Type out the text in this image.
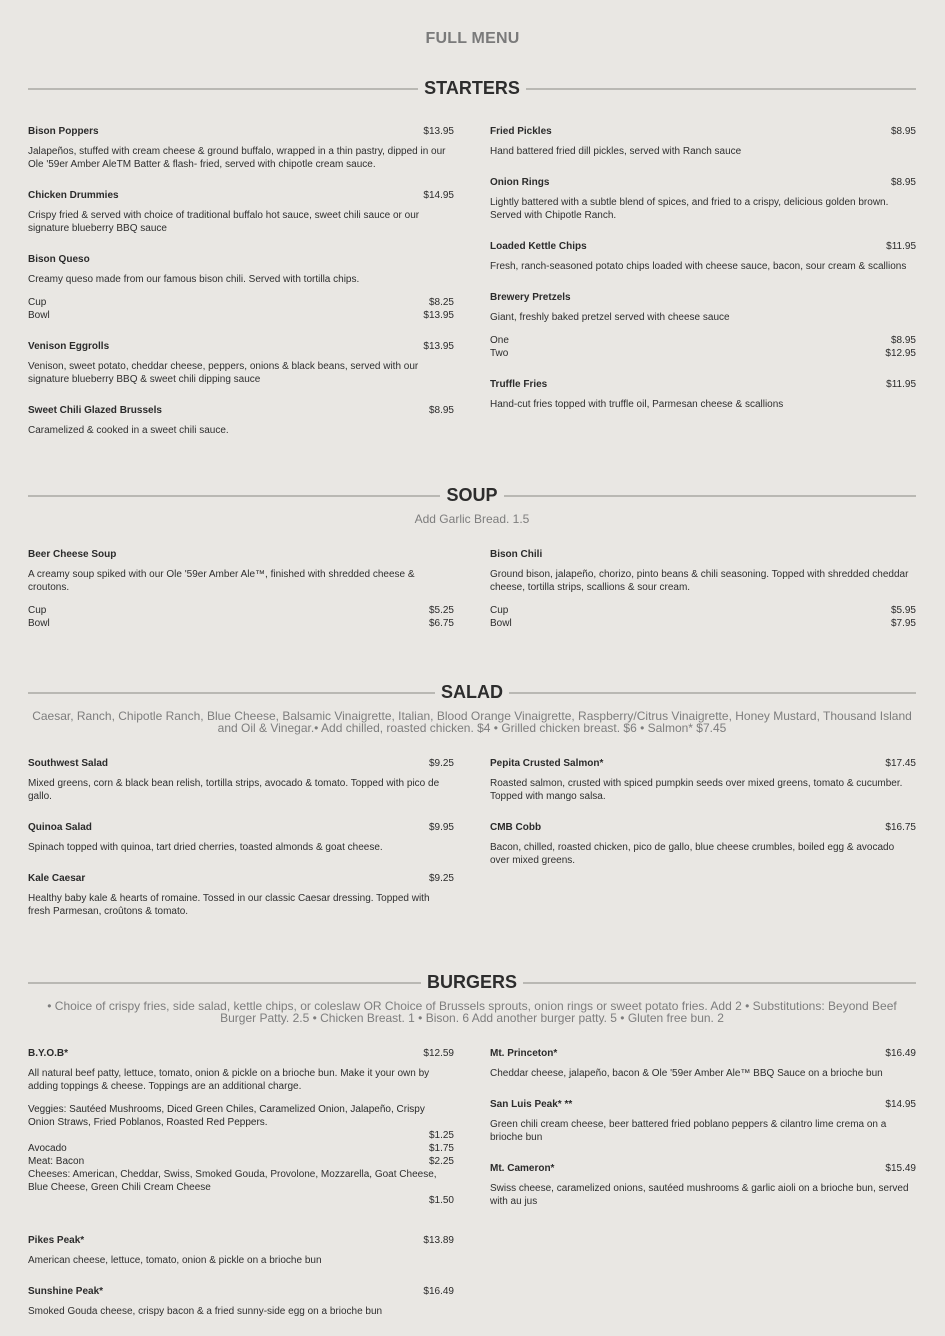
FULL MENU
STARTERS
Bison Poppers	$13.95
Jalapeños, stuffed with cream cheese & ground buffalo, wrapped in a thin pastry, dipped in our Ole '59er Amber AleTM Batter & flash- fried, served with chipotle cream sauce.
Chicken Drummies	$14.95
Crispy fried & served with choice of traditional buffalo hot sauce, sweet chili sauce or our signature blueberry BBQ sauce
Bison Queso
Creamy queso made from our famous bison chili. Served with tortilla chips.
Cup	$8.25
Bowl	$13.95
Venison Eggrolls	$13.95
Venison, sweet potato, cheddar cheese, peppers, onions & black beans, served with our signature blueberry BBQ & sweet chili dipping sauce
Sweet Chili Glazed Brussels	$8.95
Caramelized & cooked in a sweet chili sauce.
Fried Pickles	$8.95
Hand battered fried dill pickles, served with Ranch sauce
Onion Rings	$8.95
Lightly battered with a subtle blend of spices, and fried to a crispy, delicious golden brown. Served with Chipotle Ranch.
Loaded Kettle Chips	$11.95
Fresh, ranch-seasoned potato chips loaded with cheese sauce, bacon, sour cream & scallions
Brewery Pretzels
Giant, freshly baked pretzel served with cheese sauce
One	$8.95
Two	$12.95
Truffle Fries	$11.95
Hand-cut fries topped with truffle oil, Parmesan cheese & scallions
SOUP
Add Garlic Bread. 1.5
Beer Cheese Soup
A creamy soup spiked with our Ole '59er Amber Ale™, finished with shredded cheese & croutons.
Cup	$5.25
Bowl	$6.75
Bison Chili
Ground bison, jalapeño, chorizo, pinto beans & chili seasoning. Topped with shredded cheddar cheese, tortilla strips, scallions & sour cream.
Cup	$5.95
Bowl	$7.95
SALAD
Caesar, Ranch, Chipotle Ranch, Blue Cheese, Balsamic Vinaigrette, Italian, Blood Orange Vinaigrette, Raspberry/Citrus Vinaigrette, Honey Mustard, Thousand Island and Oil & Vinegar.• Add chilled, roasted chicken. $4 • Grilled chicken breast. $6 • Salmon* $7.45
Southwest Salad	$9.25
Mixed greens, corn & black bean relish, tortilla strips, avocado & tomato. Topped with pico de gallo.
Quinoa Salad	$9.95
Spinach topped with quinoa, tart dried cherries, toasted almonds & goat cheese.
Kale Caesar	$9.25
Healthy baby kale & hearts of romaine. Tossed in our classic Caesar dressing. Topped with fresh Parmesan, croûtons & tomato.
Pepita Crusted Salmon*	$17.45
Roasted salmon, crusted with spiced pumpkin seeds over mixed greens, tomato & cucumber. Topped with mango salsa.
CMB Cobb	$16.75
Bacon, chilled, roasted chicken, pico de gallo, blue cheese crumbles, boiled egg & avocado over mixed greens.
BURGERS
• Choice of crispy fries, side salad, kettle chips, or coleslaw OR Choice of Brussels sprouts, onion rings or sweet potato fries. Add 2 • Substitutions: Beyond Beef Burger Patty. 2.5 • Chicken Breast. 1 • Bison. 6 Add another burger patty. 5 • Gluten free bun. 2
B.Y.O.B*	$12.59
All natural beef patty, lettuce, tomato, onion & pickle on a brioche bun. Make it your own by adding toppings & cheese. Toppings are an additional charge.
Veggies: Sautéed Mushrooms, Diced Green Chiles, Caramelized Onion, Jalapeño, Crispy Onion Straws, Fried Poblanos, Roasted Red Peppers.
$1.25
Avocado	$1.75
Meat: Bacon	$2.25
Cheeses: American, Cheddar, Swiss, Smoked Gouda, Provolone, Mozzarella, Goat Cheese, Blue Cheese, Green Chili Cream Cheese
$1.50
Pikes Peak*	$13.89
American cheese, lettuce, tomato, onion & pickle on a brioche bun
Sunshine Peak*	$16.49
Smoked Gouda cheese, crispy bacon & a fried sunny-side egg on a brioche bun
Mt. Princeton*	$16.49
Cheddar cheese, jalapeño, bacon & Ole '59er Amber Ale™ BBQ Sauce on a brioche bun
San Luis Peak* **	$14.95
Green chili cream cheese, beer battered fried poblano peppers & cilantro lime crema on a brioche bun
Mt. Cameron*	$15.49
Swiss cheese, caramelized onions, sautéed mushrooms & garlic aioli on a brioche bun, served with au jus
